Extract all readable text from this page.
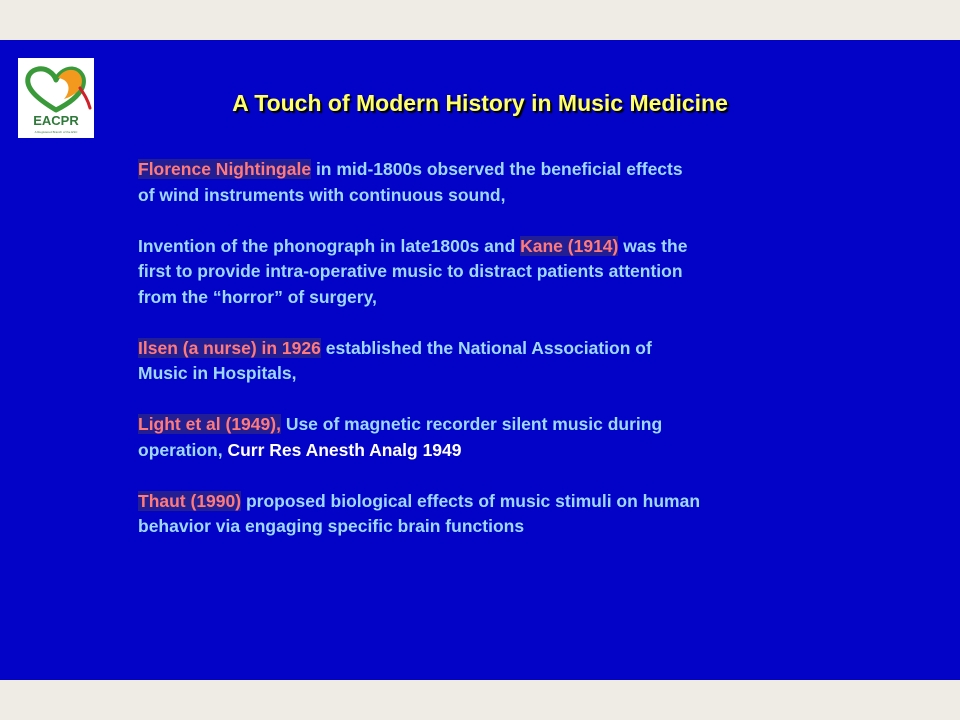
EACPR
A Registered Branch of the ESC
A Touch of Modern History in Music Medicine
Florence Nightingale in mid-1800s observed the beneficial effects
of wind instruments with continuous sound,
Invention of the phonograph in late1800s and Kane (1914) was the
first to provide intra-operative music to distract patients attention
from the “horror” of surgery,
Ilsen (a nurse) in 1926 established the National Association of
Music in Hospitals,
Light et al (1949), Use of magnetic recorder silent music during
operation, Curr Res Anesth Analg 1949
Thaut (1990) proposed biological effects of music stimuli on human
behavior via engaging specific brain functions
